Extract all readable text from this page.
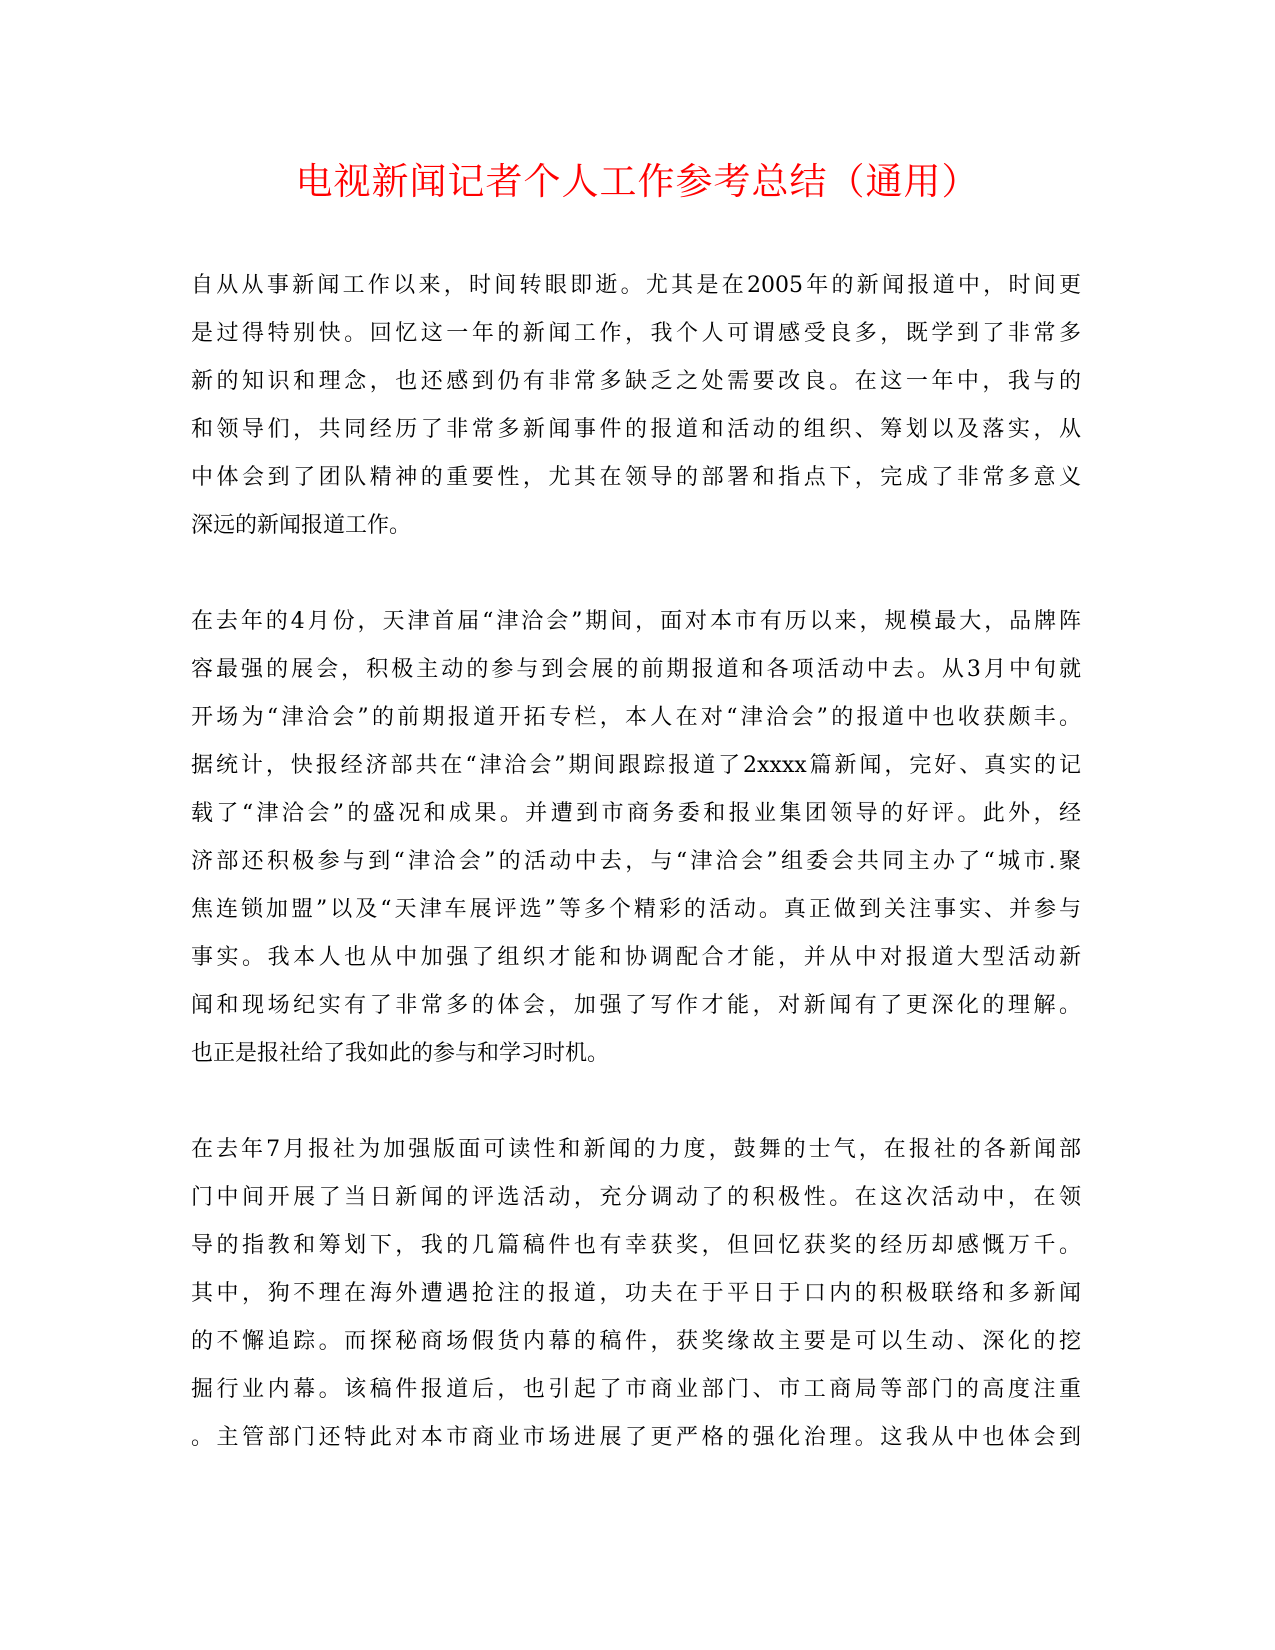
电视新闻记者个人工作参考总结（通用）

自从从事新闻工作以来，时间转眼即逝。尤其是在2005年的新闻报道中，时间更
是过得特别快。回忆这一年的新闻工作，我个人可谓感受良多，既学到了非常多
新的知识和理念，也还感到仍有非常多缺乏之处需要改良。在这一年中，我与的
和领导们，共同经历了非常多新闻事件的报道和活动的组织、筹划以及落实，从
中体会到了团队精神的重要性，尤其在领导的部署和指点下，完成了非常多意义
深远的新闻报道工作。

在去年的4月份，天津首届“津洽会”期间，面对本市有历以来，规模最大，品牌阵
容最强的展会，积极主动的参与到会展的前期报道和各项活动中去。从3月中旬就
开场为“津洽会”的前期报道开拓专栏，本人在对“津洽会”的报道中也收获颇丰。
据统计，快报经济部共在“津洽会”期间跟踪报道了2xxxx篇新闻，完好、真实的记
载了“津洽会”的盛况和成果。并遭到市商务委和报业集团领导的好评。此外，经
济部还积极参与到“津洽会”的活动中去，与“津洽会”组委会共同主办了“城市.聚
焦连锁加盟”以及“天津车展评选”等多个精彩的活动。真正做到关注事实、并参与
事实。我本人也从中加强了组织才能和协调配合才能，并从中对报道大型活动新
闻和现场纪实有了非常多的体会，加强了写作才能，对新闻有了更深化的理解。
也正是报社给了我如此的参与和学习时机。

在去年7月报社为加强版面可读性和新闻的力度，鼓舞的士气，在报社的各新闻部
门中间开展了当日新闻的评选活动，充分调动了的积极性。在这次活动中，在领
导的指教和筹划下，我的几篇稿件也有幸获奖，但回忆获奖的经历却感慨万千。
其中，狗不理在海外遭遇抢注的报道，功夫在于平日于口内的积极联络和多新闻
的不懈追踪。而探秘商场假货内幕的稿件，获奖缘故主要是可以生动、深化的挖
掘行业内幕。该稿件报道后，也引起了市商业部门、市工商局等部门的高度注重
。主管部门还特此对本市商业市场进展了更严格的强化治理。这我从中也体会到
